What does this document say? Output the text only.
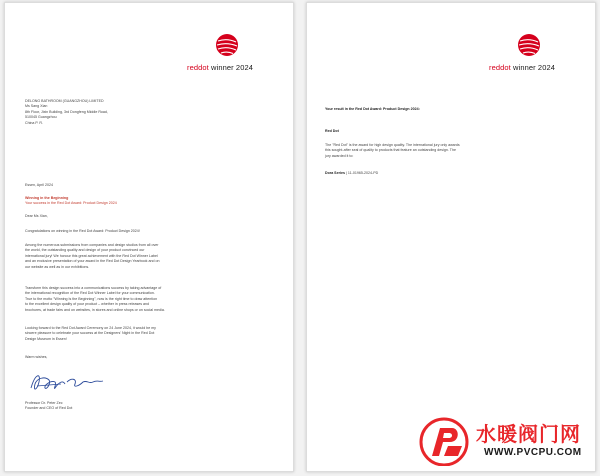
reddot winner 2024
DELONG BATHROOM (GUANGZHOU) LIMITED
Ms Sang Xian
8th Floor, Jixin Building, 3rd Dongfeng Middle Road,
510045 Guangzhou
China P. R.
Essen, April 2024
Winning in the Beginning
Your success in the Red Dot Award: Product Design 2024
Dear Ms Xian,
Congratulations on winning in the Red Dot Award: Product Design 2024!
Among the numerous submissions from companies and design studios from all over
the world, the outstanding quality and design of your product convinced our
international jury! We honour this great achievement with the Red Dot Winner Label
and an exclusive presentation of your award in the Red Dot Design Yearbook and on
our website as well as in our exhibitions.
Transform this design success into a communications success by taking advantage of
the international recognition of the Red Dot Winner Label for your communication.
True to the motto "Winning Is the Beginning", now is the right time to draw attention
to the excellent design quality of your product – whether in press releases and
brochures, at trade fairs and on websites, in stores and online shops or on social media.
Looking forward to the Red Dot Award Ceremony on 24 June 2024, it would be my
sincere pleasure to celebrate your success at the Designers' Night in the Red Dot
Design Museum in Essen!
Warm wishes,
Professor Dr. Peter Zec
Founder and CEO of Red Dot
reddot winner 2024
Your result in the Red Dot Award: Product Design 2024:
Red Dot
The "Red Dot" is the award for high design quality. The international jury only awards
this sought-after seal of quality to products that feature an outstanding design. The
jury awarded it to:
Dora Series | 11-01965-2024-PD
水暖阀门网
WWW.PVCPU.COM
